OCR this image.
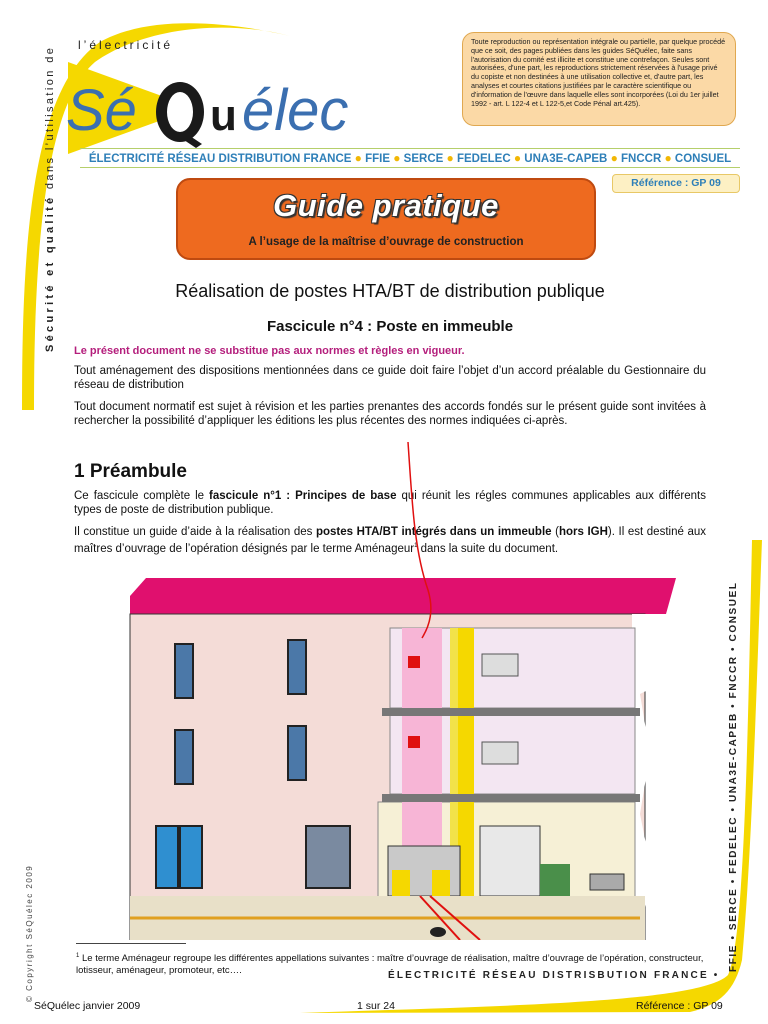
Sécurité et qualité dans l’utilisation de
l’électricité
Sé u élec
Toute reproduction ou représentation intégrale ou partielle, par quelque procédé que ce soit, des pages publiées dans les guides SéQuélec, faite sans l'autorisation du comité est illicite et constitue une contrefaçon. Seules sont autorisées, d'une part, les reproductions strictement réservées à l'usage privé du copiste et non destinées à une utilisation collective et, d'autre part, les analyses et courtes citations justifiées par le caractère scientifique ou d'information de l'œuvre dans laquelle elles sont incorporées (Loi du 1er juillet 1992 - art. L 122-4 et L 122-5,et Code Pénal art.425).
ÉLECTRICITÉ RÉSEAU DISTRIBUTION FRANCE ● FFIE ● SERCE ● FEDELEC ● UNA3E-CAPEB ● FNCCR ● CONSUEL
Référence : GP 09
Guide pratique
A l’usage de la maîtrise d’ouvrage de construction
Réalisation de postes HTA/BT de distribution publique
Fascicule n°4 : Poste en immeuble
Le présent document ne se substitue pas aux normes et règles en vigueur.
Tout aménagement des dispositions mentionnées dans ce guide doit faire l’objet d’un accord préalable du Gestionnaire du réseau de distribution
Tout document normatif est sujet à révision et les parties prenantes des accords fondés sur le présent guide sont invitées à rechercher la possibilité d’appliquer les éditions les plus récentes des normes indiquées ci-après.
1 Préambule
Ce fascicule complète le fascicule n°1 : Principes de base qui réunit les régles communes applicables aux différents types de poste de distribution publique.
Il constitue un guide d’aide à la réalisation des postes HTA/BT intégrés dans un immeuble (hors IGH). Il est destiné aux maîtres d’ouvrage de l’opération désignés par le terme Aménageur$^1$ dans la suite du document.
$^1$ Le terme Aménageur regroupe les différentes appellations suivantes : maître d’ouvrage de réalisation, maître d’ouvrage de l’opération, constructeur, lotisseur, aménageur, promoteur, etc….	ÉLECTRICITÉ RÉSEAU DISTRISBUTION FRANCE •
FFIE • SERCE • FEDELEC • UNA3E-CAPEB • FNCCR • CONSUEL
© Copyright SéQuélec 2009
SéQuélec janvier 2009	1 sur 24	Référence : GP 09
